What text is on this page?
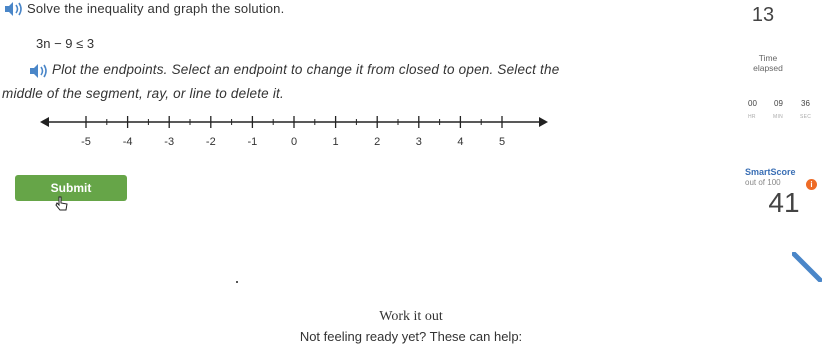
Solve the inequality and graph the solution.
3n − 9 ≤ 3
Plot the endpoints. Select an endpoint to change it from closed to open. Select the
middle of the segment, ray, or line to delete it.
-5	-4	-3	-2	-1	0	1	2	3	4	5
Submit
13
Time
elapsed
00 09 36
HR	MIN	SEC
SmartScore
out of 100	i
41
Work it out
Not feeling ready yet? These can help:
